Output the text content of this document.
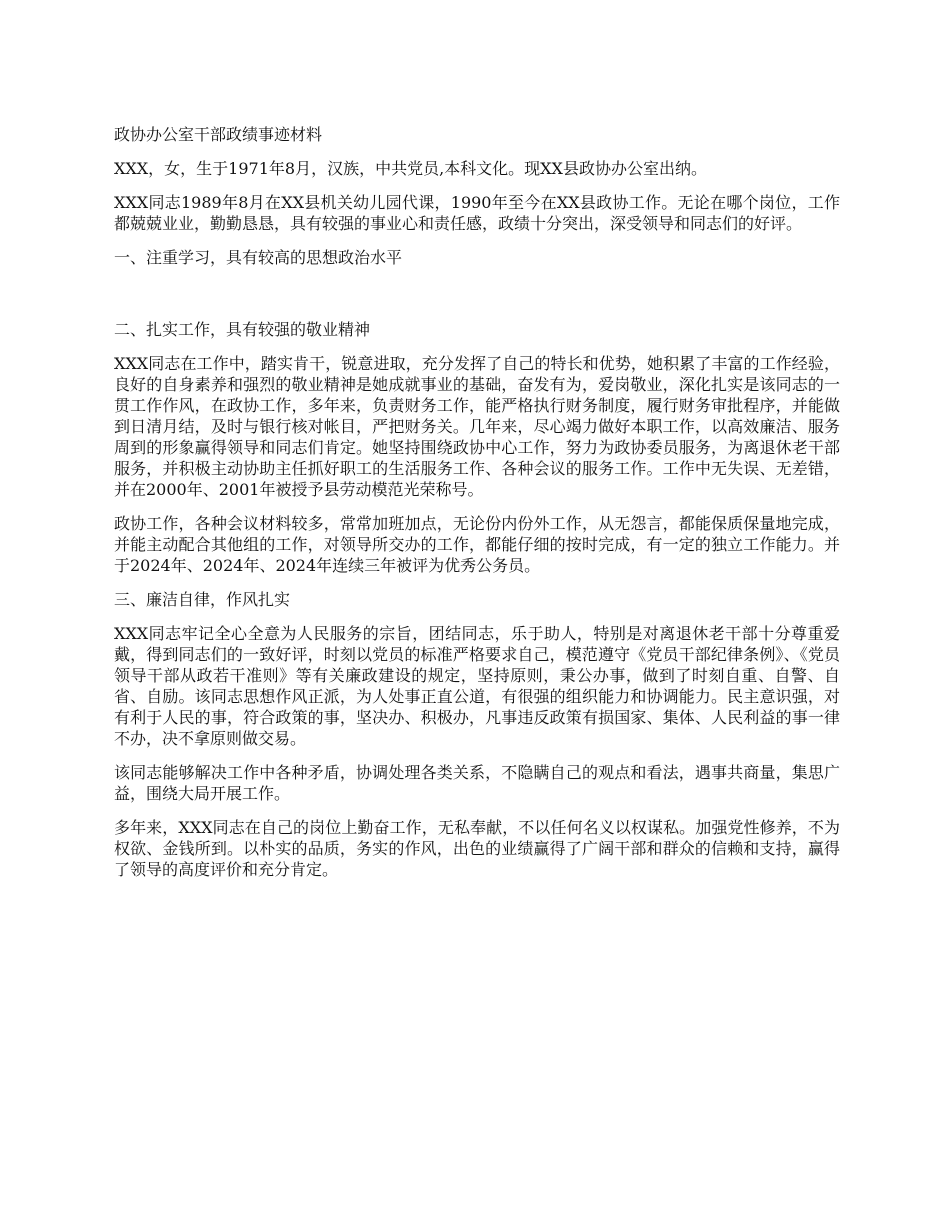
政协办公室干部政绩事迹材料

XXX，女，生于1971年8月，汉族，中共党员,本科文化。现XX县政协办公室出纳。

XXX同志1989年8月在XX县机关幼儿园代课，1990年至今在XX县政协工作。无论在哪个岗位，工作都兢兢业业，勤勤恳恳，具有较强的事业心和责任感，政绩十分突出，深受领导和同志们的好评。

一、注重学习，具有较高的思想政治水平

二、扎实工作，具有较强的敬业精神

XXX同志在工作中，踏实肯干，锐意进取，充分发挥了自己的特长和优势，她积累了丰富的工作经验，良好的自身素养和强烈的敬业精神是她成就事业的基础，奋发有为，爱岗敬业，深化扎实是该同志的一贯工作作风，在政协工作，多年来，负责财务工作，能严格执行财务制度，履行财务审批程序，并能做到日清月结，及时与银行核对帐目，严把财务关。几年来，尽心竭力做好本职工作，以高效廉洁、服务周到的形象赢得领导和同志们肯定。她坚持围绕政协中心工作，努力为政协委员服务，为离退休老干部服务，并积极主动协助主任抓好职工的生活服务工作、各种会议的服务工作。工作中无失误、无差错，并在2000年、2001年被授予县劳动模范光荣称号。

政协工作，各种会议材料较多，常常加班加点，无论份内份外工作，从无怨言，都能保质保量地完成，并能主动配合其他组的工作，对领导所交办的工作，都能仔细的按时完成，有一定的独立工作能力。并于2024年、2024年、2024年连续三年被评为优秀公务员。

三、廉洁自律，作风扎实

XXX同志牢记全心全意为人民服务的宗旨，团结同志，乐于助人，特别是对离退休老干部十分尊重爱戴，得到同志们的一致好评，时刻以党员的标准严格要求自己，模范遵守《党员干部纪律条例》、《党员领导干部从政若干准则》等有关廉政建设的规定，坚持原则，秉公办事，做到了时刻自重、自警、自省、自励。该同志思想作风正派，为人处事正直公道，有很强的组织能力和协调能力。民主意识强，对有利于人民的事，符合政策的事，坚决办、积极办，凡事违反政策有损国家、集体、人民利益的事一律不办，决不拿原则做交易。

该同志能够解决工作中各种矛盾，协调处理各类关系，不隐瞒自己的观点和看法，遇事共商量，集思广益，围绕大局开展工作。

多年来，XXX同志在自己的岗位上勤奋工作，无私奉献，不以任何名义以权谋私。加强党性修养，不为权欲、金钱所到。以朴实的品质，务实的作风，出色的业绩赢得了广阔干部和群众的信赖和支持，赢得了领导的高度评价和充分肯定。
